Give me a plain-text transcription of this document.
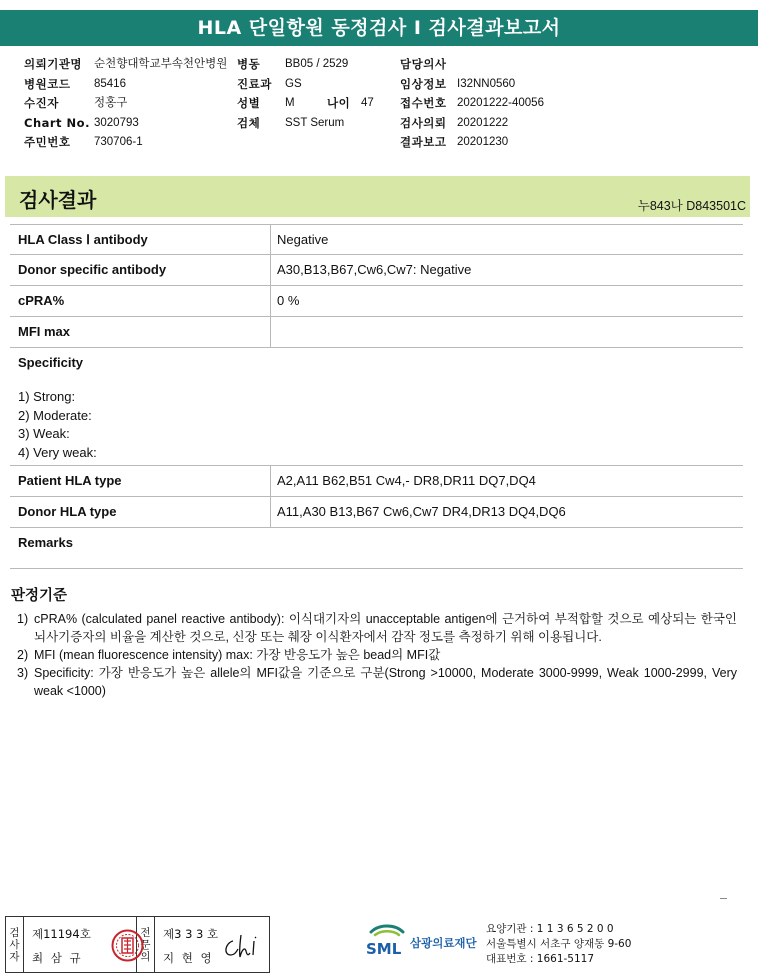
HLA 단일항원 동정검사 I 검사결과보고서
의뢰기관명	순천향대학교부속천안병원
병원코드	85416
수진자	정홍구
Chart No. 3020793
주민번호	730706-1
병동	BB05 / 2529
진료과	GS
성별	M	나이 47
검체	SST Serum
담당의사
임상정보 I32NN0560
접수번호 20201222-40056
검사의뢰 20201222
결과보고 20201230
검사결과	누843나 D843501C
HLA Class Ⅰ antibody	Negative
Donor specific antibody	A30,B13,B67,Cw6,Cw7: Negative
cPRA%	0 %
MFI max
Specificity
1) Strong:
2) Moderate:
3) Weak:
4) Very weak:
Patient HLA type	A2,A11 B62,B51 Cw4,- DR8,DR11 DQ7,DQ4
Donor HLA type	A11,A30 B13,B67 Cw6,Cw7 DR4,DR13 DQ4,DQ6
Remarks
판정기준
1) cPRA% (calculated panel reactive antibody): 이식대기자의 unacceptable antigen에 근거하여 부적합할 것으로 예상되는 한국인 뇌사기증자의 비율을 계산한 것으로, 신장 또는 췌장 이식환자에서 감작 정도를 측정하기 위해 이용됩니다.
2) MFI (mean fluorescence intensity) max: 가장 반응도가 높은 bead의 MFI값
3) Specificity: 가장 반응도가 높은 allele의 MFI값을 기준으로 구분(Strong >10000, Moderate 3000-9999, Weak 1000-2999, Very weak <1000)
검
사
자
제11194호
최 삼 규
전
문
의
제3 3 3 호
지 현 영	SML 삼광의료재단
요양기관 : 1 1 3 6 5 2 0 0
서울특별시 서초구 양재동 9-60
대표번호 : 1661-5117
